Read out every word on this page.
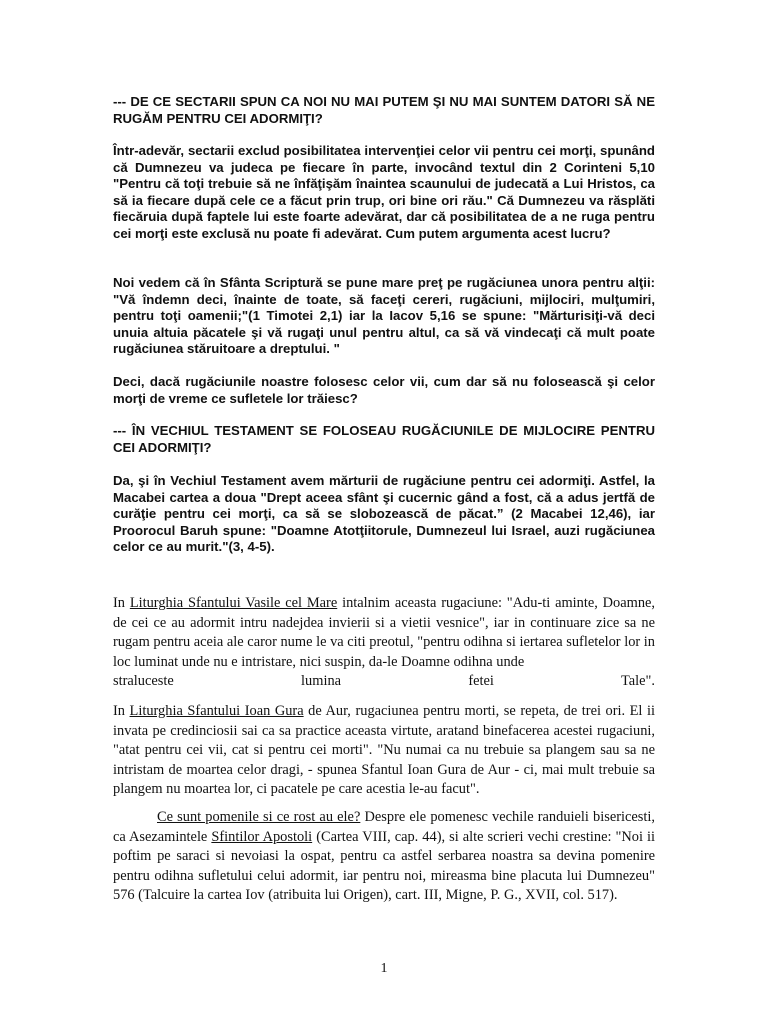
--- DE CE SECTARII SPUN CA NOI NU MAI PUTEM ŞI NU MAI SUNTEM DATORI SĂ NE RUGĂM PENTRU CEI ADORMIŢI?

Într-adevăr, sectarii exclud posibilitatea intervenţiei celor vii pentru cei morţi, spunând că Dumnezeu va judeca pe fiecare în parte, invocând textul din 2 Corinteni 5,10 "Pentru că toţi trebuie să ne înfăţişăm înaintea scaunului de judecată a Lui Hristos, ca să ia fiecare după cele ce a făcut prin trup, ori bine ori rău." Că Dumnezeu va răsplăti fiecăruia după faptele lui este foarte adevărat, dar că posibilitatea de a ne ruga pentru cei morţi este exclusă nu poate fi adevărat. Cum putem argumenta acest lucru?

Noi vedem că în Sfânta Scriptură se pune mare preţ pe rugăciunea unora pentru alţii: "Vă îndemn deci, înainte de toate, să faceţi cereri, rugăciuni, mijlociri, mulţumiri, pentru toţi oamenii;"(1 Timotei 2,1) iar la Iacov 5,16 se spune: "Mărturisiţi-vă deci unuia altuia păcatele şi vă rugaţi unul pentru altul, ca să vă vindecaţi că mult poate rugăciunea stăruitoare a dreptului. "

Deci, dacă rugăciunile noastre folosesc celor vii, cum dar să nu folosească şi celor morţi de vreme ce sufletele lor trăiesc?

--- ÎN VECHIUL TESTAMENT SE FOLOSEAU RUGĂCIUNILE DE MIJLOCIRE PENTRU CEI ADORMIŢI?

Da, şi în Vechiul Testament avem mărturii de rugăciune pentru cei adormiţi. Astfel, la Macabei cartea a doua "Drept aceea sfânt şi cucernic gând a fost, că a adus jertfă de curăţie pentru cei morţi, ca să se slobozească de păcat.” (2 Macabei 12,46), iar Proorocul Baruh spune: "Doamne Atotţiitorule, Dumnezeul lui Israel, auzi rugăciunea celor ce au murit."(3, 4-5).

In Liturghia Sfantului Vasile cel Mare intalnim aceasta rugaciune: "Adu-ti aminte, Doamne, de cei ce au adormit intru nadejdea invierii si a vietii vesnice", iar in continuare zice sa ne rugam pentru aceia ale caror nume le va citi preotul, "pentru odihna si iertarea sufletelor lor in loc luminat unde nu e intristare, nici suspin, da-le Doamne odihna unde
straluceste lumina fetei Tale".
In Liturghia Sfantului Ioan Gura de Aur, rugaciunea pentru morti, se repeta, de trei ori. El ii invata pe credinciosii sai ca sa practice aceasta virtute, aratand binefacerea acestei rugaciuni, "atat pentru cei vii, cat si pentru cei morti". "Nu numai ca nu trebuie sa plangem sau sa ne intristam de moartea celor dragi, - spunea Sfantul Ioan Gura de Aur - ci, mai mult trebuie sa plangem nu moartea lor, ci pacatele pe care acestia le-au facut".
Ce sunt pomenile si ce rost au ele? Despre ele pomenesc vechile randuieli bisericesti, ca Asezamintele Sfintilor Apostoli (Cartea VIII, cap. 44), si alte scrieri vechi crestine: "Noi ii poftim pe saraci si nevoiasi la ospat, pentru ca astfel serbarea noastra sa devina pomenire pentru odihna sufletului celui adormit, iar pentru noi, mireasma bine placuta lui Dumnezeu" 576 (Talcuire la cartea Iov (atribuita lui Origen), cart. III, Migne, P. G., XVII, col. 517).

1
